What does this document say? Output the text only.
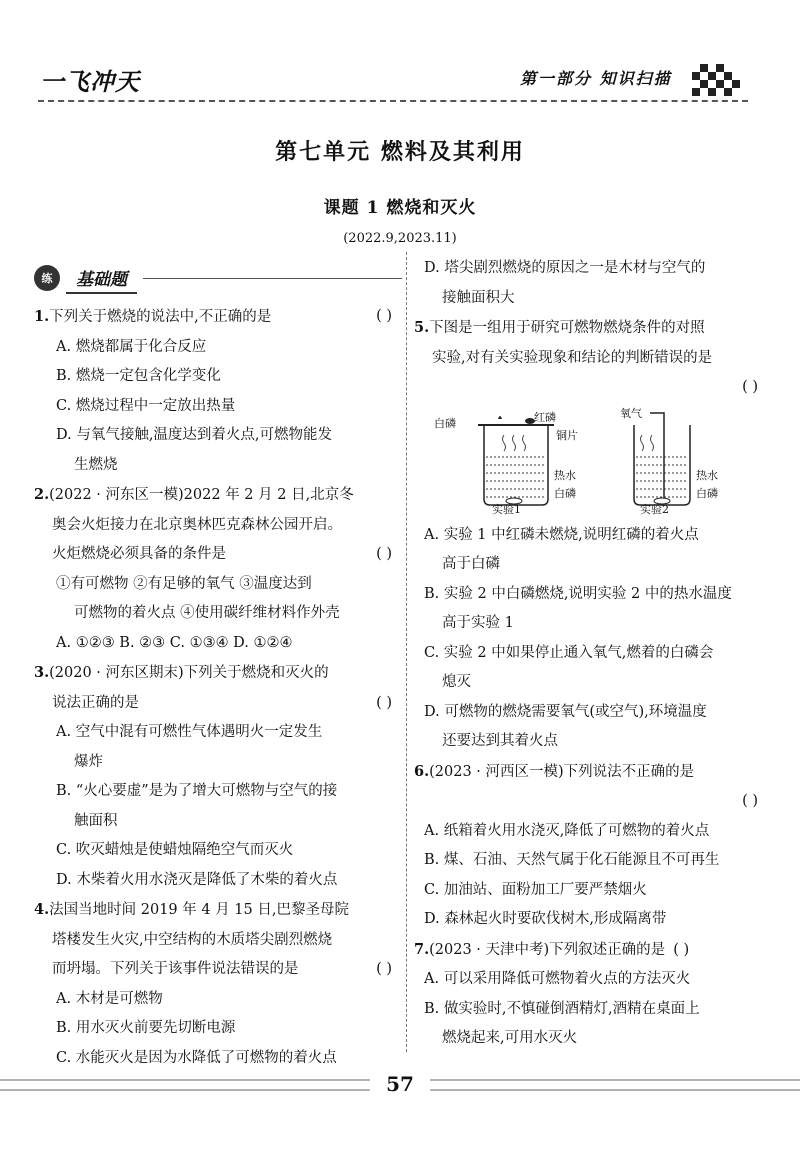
一飞冲天	第一部分 知识扫描
第七单元 燃料及其利用
课题 1 燃烧和灭火
(2022.9,2023.11)
练	基础题
1.下列关于燃烧的说法中,不正确的是	( )
A. 燃烧都属于化合反应
B. 燃烧一定包含化学变化
C. 燃烧过程中一定放出热量
D. 与氧气接触,温度达到着火点,可燃物能发
生燃烧
2.(2022 · 河东区一模)2022 年 2 月 2 日,北京冬
奥会火炬接力在北京奥林匹克森林公园开启。
火炬燃烧必须具备的条件是	( )
①有可燃物 ②有足够的氧气 ③温度达到
可燃物的着火点 ④使用碳纤维材料作外壳
A. ①②③ B. ②③ C. ①③④ D. ①②④
3.(2020 · 河东区期末)下列关于燃烧和灭火的
说法正确的是	( )
A. 空气中混有可燃性气体遇明火一定发生
爆炸
B. “火心要虚”是为了增大可燃物与空气的接
触面积
C. 吹灭蜡烛是使蜡烛隔绝空气而灭火
D. 木柴着火用水浇灭是降低了木柴的着火点
4.法国当地时间 2019 年 4 月 15 日,巴黎圣母院
塔楼发生火灾,中空结构的木质塔尖剧烈燃烧
而坍塌。下列关于该事件说法错误的是	( )
A. 木材是可燃物
B. 用水灭火前要先切断电源
C. 水能灭火是因为水降低了可燃物的着火点
D. 塔尖剧烈燃烧的原因之一是木材与空气的
接触面积大
5.下图是一组用于研究可燃物燃烧条件的对照
实验,对有关实验现象和结论的判断错误的是
( )
白磷	红磷
铜片
热水
白磷
实验1
氧气
热水
白磷
实验2
A. 实验 1 中红磷未燃烧,说明红磷的着火点
高于白磷
B. 实验 2 中白磷燃烧,说明实验 2 中的热水温度
高于实验 1
C. 实验 2 中如果停止通入氧气,燃着的白磷会
熄灭
D. 可燃物的燃烧需要氧气(或空气),环境温度
还要达到其着火点
6.(2023 · 河西区一模)下列说法不正确的是
( )
A. 纸箱着火用水浇灭,降低了可燃物的着火点
B. 煤、石油、天然气属于化石能源且不可再生
C. 加油站、面粉加工厂要严禁烟火
D. 森林起火时要砍伐树木,形成隔离带
7.(2023 · 天津中考)下列叙述正确的是 ( )
A. 可以采用降低可燃物着火点的方法灭火
B. 做实验时,不慎碰倒酒精灯,酒精在桌面上
燃烧起来,可用水灭火
57
